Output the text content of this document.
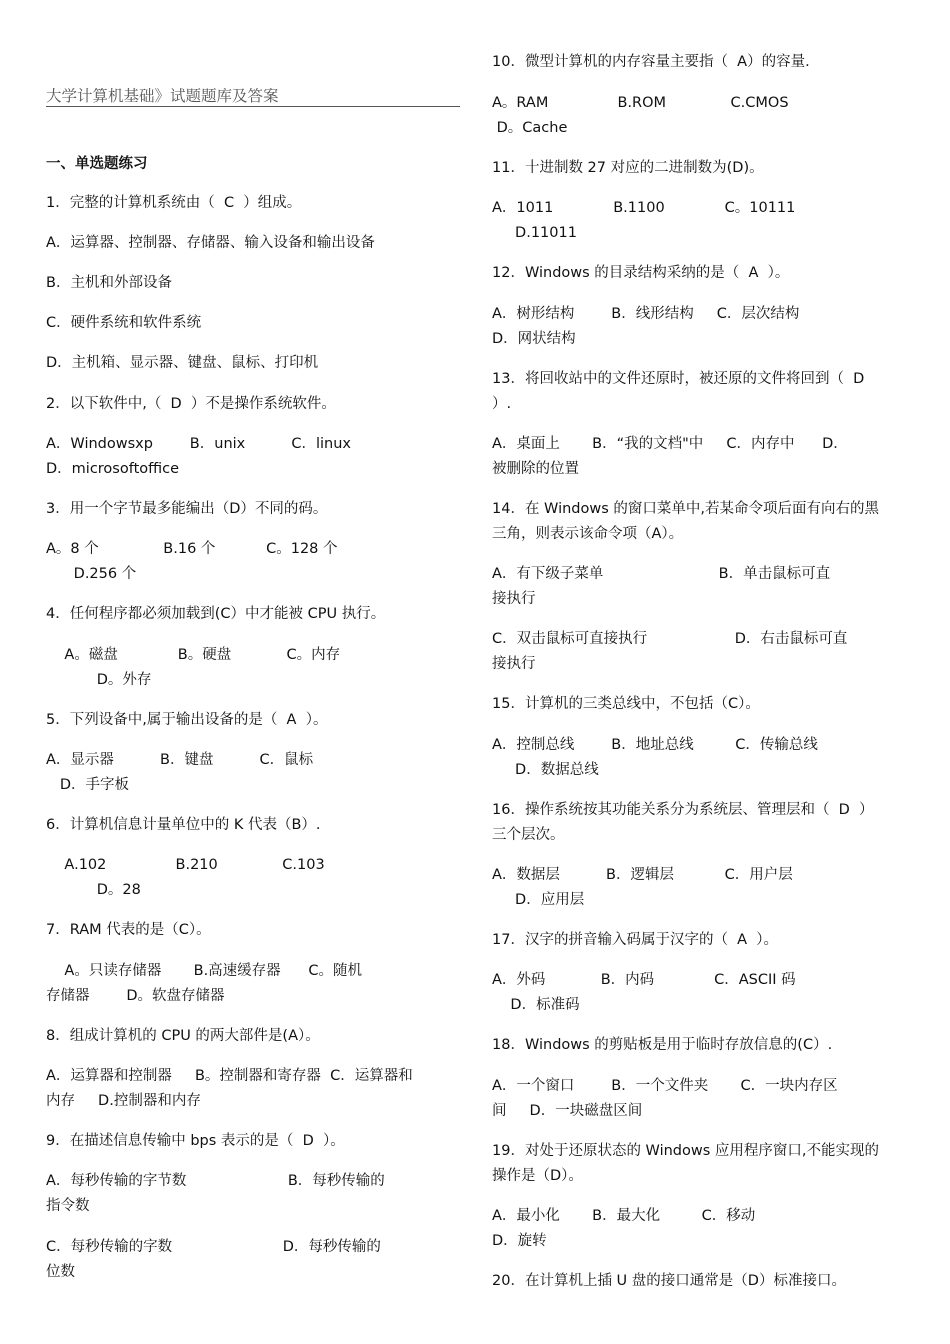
大学计算机基础》试题题库及答案
一、单选题练习
1．完整的计算机系统由（  C  ）组成。
A．运算器、控制器、存储器、输入设备和输出设备
B．主机和外部设备
C．硬件系统和软件系统
D．主机箱、显示器、键盘、鼠标、打印机
2．以下软件中,（  D  ）不是操作系统软件。
A．Windowsxp        B．unix          C．linux
D．microsoftoffice
3．用一个字节最多能编出（D）不同的码。
A。8 个              B.16 个           C。128 个
D.256 个
4．任何程序都必须加载到(C）中才能被 CPU 执行。
A。磁盘             B。硬盘            C。内存
D。外存
5．下列设备中,属于输出设备的是（  A  ）。
A．显示器          B．键盘          C．鼠标
D．手字板
6．计算机信息计量单位中的 K 代表（B）.
A.102               B.210              C.103
D。28
7．RAM 代表的是（C）。
A。只读存储器       B.高速缓存器      C。随机
存储器        D。软盘存储器
8．组成计算机的 CPU 的两大部件是(A）。
A．运算器和控制器     B。控制器和寄存器  C．运算器和
内存     D.控制器和内存
9．在描述信息传输中 bps 表示的是（  D  ）。
A．每秒传输的字节数                      B．每秒传输的
指令数
C．每秒传输的字数                        D．每秒传输的
位数
10．微型计算机的内存容量主要指（  A）的容量.
A。RAM               B.ROM              C.CMOS
D。Cache
11．十进制数 27 对应的二进制数为(D)。
A．1011             B.1100             C。10111
D.11011
12．Windows 的目录结构采纳的是（  A  ）。
A．树形结构        B．线形结构     C．层次结构
D．网状结构
13．将回收站中的文件还原时，被还原的文件将回到（  D
）.
A．桌面上       B．“我的文档"中     C．内存中      D．
被删除的位置
14．在 Windows 的窗口菜单中,若某命令项后面有向右的黑
三角，则表示该命令项（A）。
A．有下级子菜单                         B．单击鼠标可直
接执行
C．双击鼠标可直接执行                   D．右击鼠标可直
接执行
15．计算机的三类总线中，不包括（C）。
A．控制总线        B．地址总线         C．传输总线
D．数据总线
16．操作系统按其功能关系分为系统层、管理层和（  D  ）
三个层次。
A．数据层          B．逻辑层           C．用户层
D．应用层
17．汉字的拼音输入码属于汉字的（  A  ）。
A．外码            B．内码             C．ASCII 码
D．标准码
18．Windows 的剪贴板是用于临时存放信息的(C）.
A．一个窗口        B．一个文件夹       C．一块内存区
间     D．一块磁盘区间
19．对处于还原状态的 Windows 应用程序窗口,不能实现的
操作是（D）。
A．最小化       B．最大化         C．移动
D．旋转
20．在计算机上插 U 盘的接口通常是（D）标准接口。
